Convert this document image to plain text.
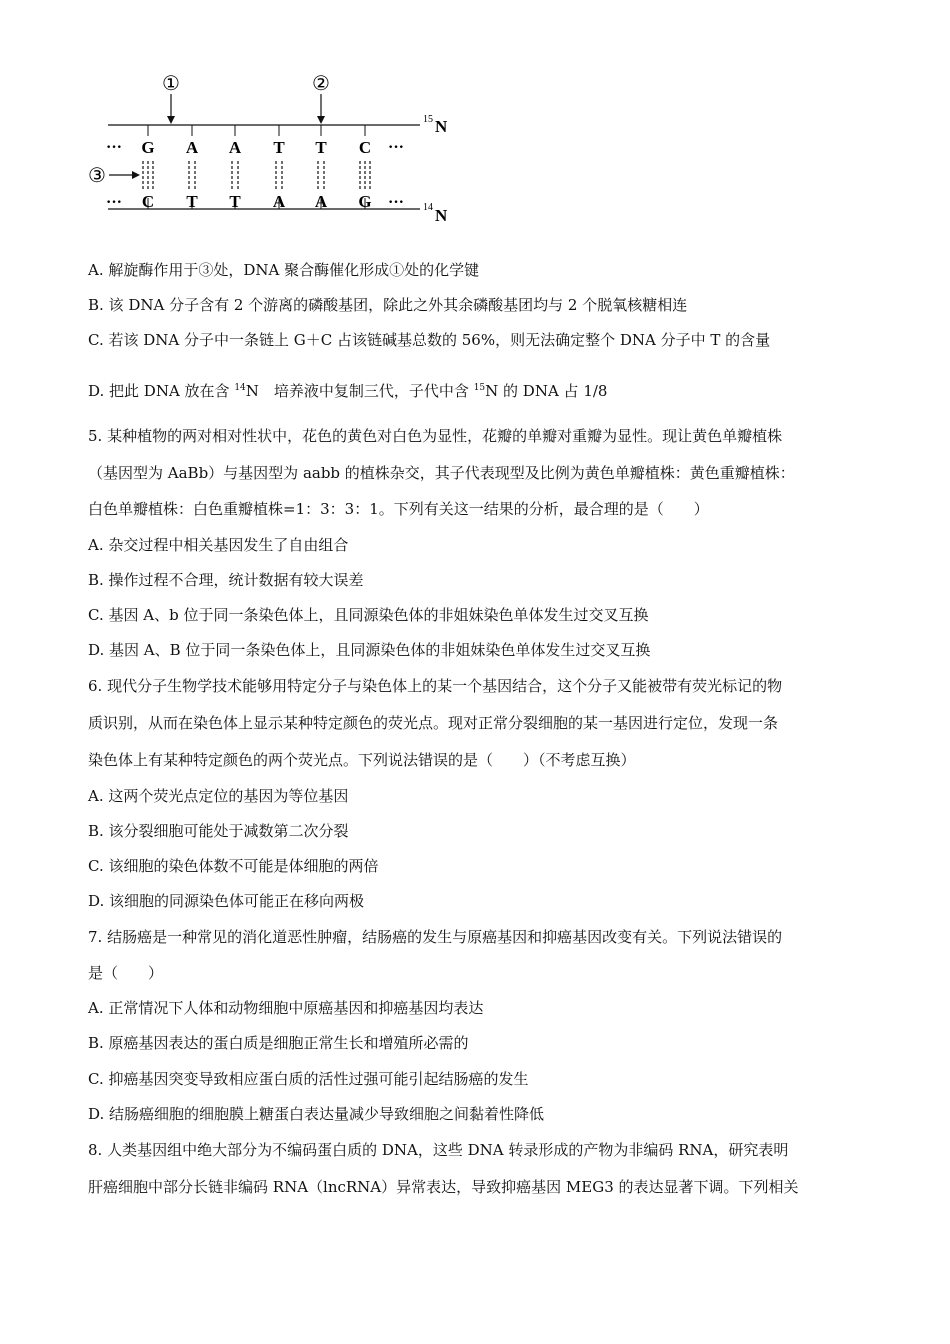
···	···
···	···
G A A T T C
C T T A A G
①	②
③
15 N
14 N
A. 解旋酶作用于③处，DNA 聚合酶催化形成①处的化学键
B. 该 DNA 分子含有 2 个游离的磷酸基团，除此之外其余磷酸基团均与 2 个脱氧核糖相连
C. 若该 DNA 分子中一条链上 G＋C 占该链碱基总数的 56%，则无法确定整个 DNA 分子中 T 的含量
D. 把此 DNA 放在含 $^{14}$N　培养液中复制三代，子代中含 $^{15}$N 的 DNA 占 1/8
5. 某种植物的两对相对性状中，花色的黄色对白色为显性，花瓣的单瓣对重瓣为显性。现让黄色单瓣植株
（基因型为 AaBb）与基因型为 aabb 的植株杂交，其子代表现型及比例为黄色单瓣植株：黄色重瓣植株：
白色单瓣植株：白色重瓣植株=1：3：3：1。下列有关这一结果的分析，最合理的是（　　）
A. 杂交过程中相关基因发生了自由组合
B. 操作过程不合理，统计数据有较大误差
C. 基因 A、b 位于同一条染色体上，且同源染色体的非姐妹染色单体发生过交叉互换
D. 基因 A、B 位于同一条染色体上，且同源染色体的非姐妹染色单体发生过交叉互换
6. 现代分子生物学技术能够用特定分子与染色体上的某一个基因结合，这个分子又能被带有荧光标记的物
质识别，从而在染色体上显示某种特定颜色的荧光点。现对正常分裂细胞的某一基因进行定位，发现一条
染色体上有某种特定颜色的两个荧光点。下列说法错误的是（　　）（不考虑互换）
A. 这两个荧光点定位的基因为等位基因
B. 该分裂细胞可能处于减数第二次分裂
C. 该细胞的染色体数不可能是体细胞的两倍
D. 该细胞的同源染色体可能正在移向两极
7. 结肠癌是一种常见的消化道恶性肿瘤，结肠癌的发生与原癌基因和抑癌基因改变有关。下列说法错误的
是（　　）
A. 正常情况下人体和动物细胞中原癌基因和抑癌基因均表达
B. 原癌基因表达的蛋白质是细胞正常生长和增殖所必需的
C. 抑癌基因突变导致相应蛋白质的活性过强可能引起结肠癌的发生
D. 结肠癌细胞的细胞膜上糖蛋白表达量减少导致细胞之间黏着性降低
8. 人类基因组中绝大部分为不编码蛋白质的 DNA，这些 DNA 转录形成的产物为非编码 RNA，研究表明
肝癌细胞中部分长链非编码 RNA（lncRNA）异常表达，导致抑癌基因 MEG3 的表达显著下调。下列相关
